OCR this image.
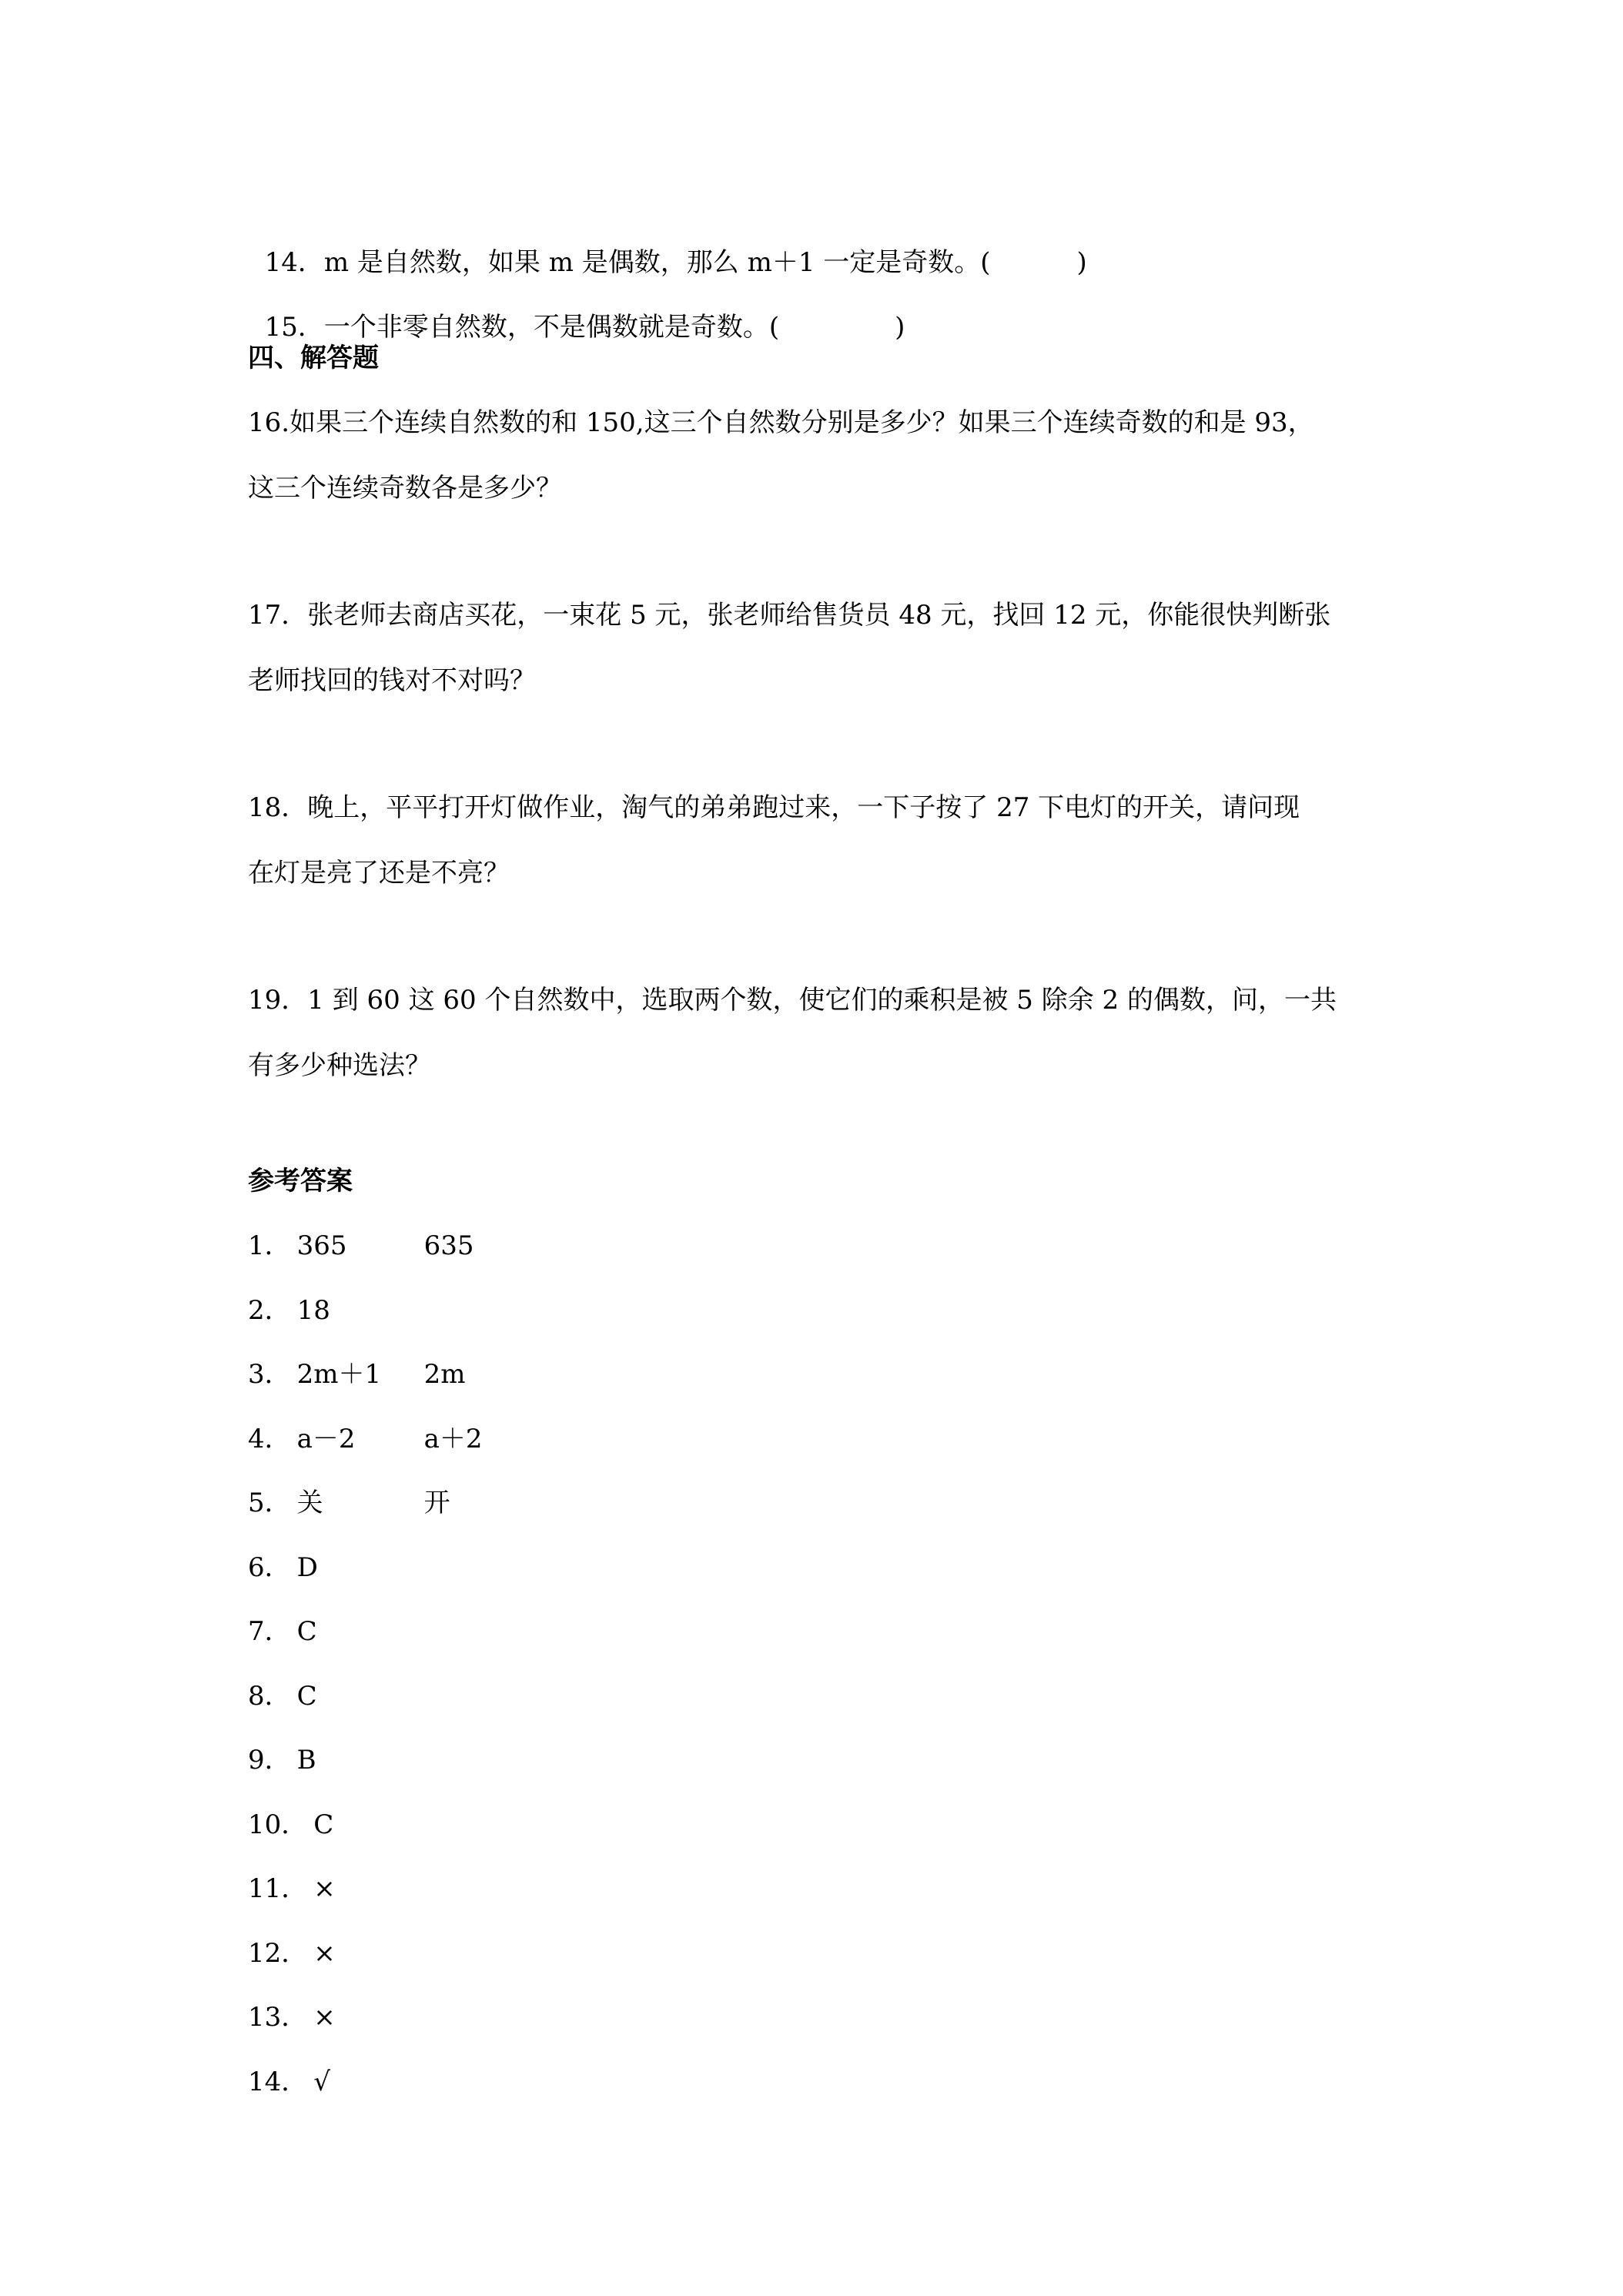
14．m 是自然数，如果 m 是偶数，那么 m＋1 一定是奇数。(	)

15．一个非零自然数，不是偶数就是奇数。(	)

四、解答题
16.如果三个连续自然数的和 150,这三个自然数分别是多少？如果三个连续奇数的和是 93，
这三个连续奇数各是多少？
17．张老师去商店买花，一束花 5 元，张老师给售货员 48 元，找回 12 元，你能很快判断张
老师找回的钱对不对吗？
18．晚上，平平打开灯做作业，淘气的弟弟跑过来，一下子按了 27 下电灯的开关，请问现
在灯是亮了还是不亮？
19．1 到 60 这 60 个自然数中，选取两个数，使它们的乘积是被 5 除余 2 的偶数，问，一共
有多少种选法？
参考答案
1． 365	635
2． 18
3． 2m＋1 2m
4． a－2	a＋2
5． 关	开
6． D
7． C
8． C
9． B
10． C
11． ×
12． ×
13． ×
14． √
